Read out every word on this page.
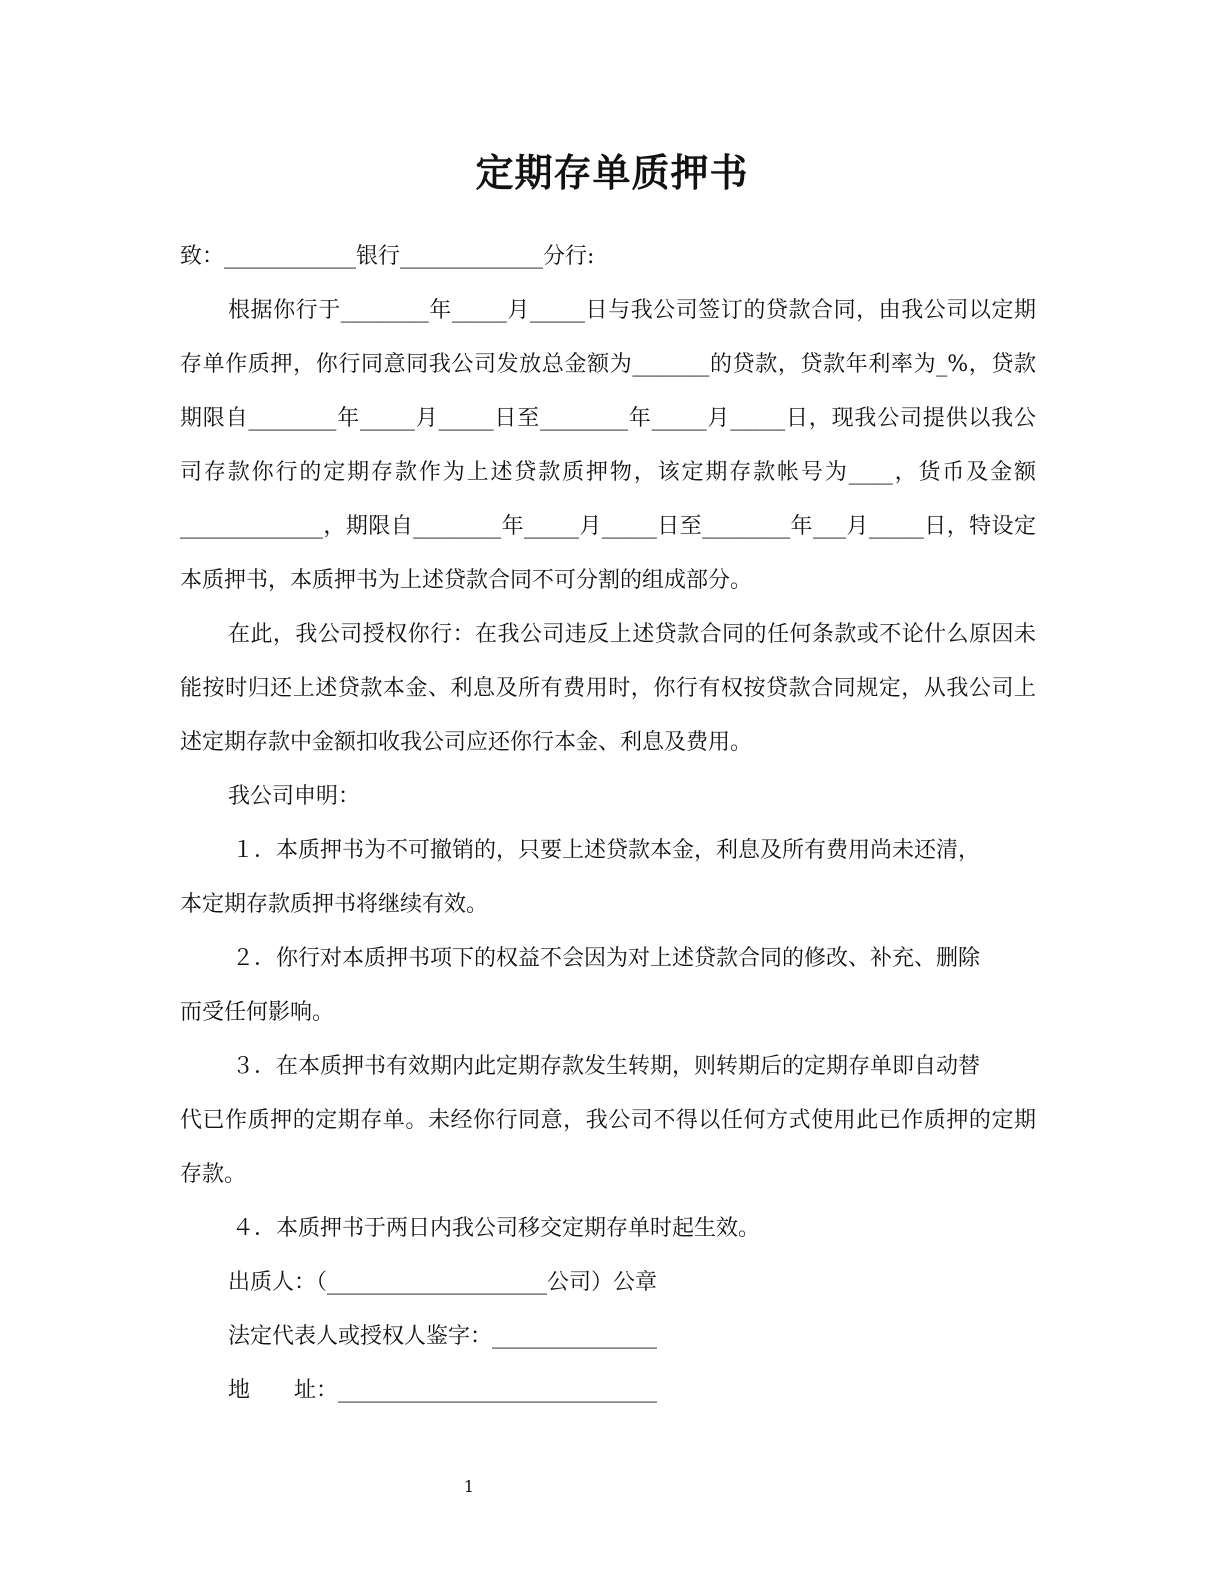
定期存单质押书

致：____________银行_____________分行:

根据你行于________年_____月_____日与我公司签订的贷款合同，由我公司以定期存单作质押，你行同意同我公司发放总金额为_______的贷款，贷款年利率为_%，贷款期限自________年_____月_____日至________年_____月_____日，现我公司提供以我公司存款你行的定期存款作为上述贷款质押物，该定期存款帐号为____，货币及金额_____________，期限自________年_____月_____日至________年___月_____日，特设定本质押书，本质押书为上述贷款合同不可分割的组成部分。

在此，我公司授权你行：在我公司违反上述贷款合同的任何条款或不论什么原因未能按时归还上述贷款本金、利息及所有费用时，你行有权按贷款合同规定，从我公司上述定期存款中金额扣收我公司应还你行本金、利息及费用。

我公司申明：

１．本质押书为不可撤销的，只要上述贷款本金，利息及所有费用尚未还清，
本定期存款质押书将继续有效。

２．你行对本质押书项下的权益不会因为对上述贷款合同的修改、补充、删除
而受任何影响。

３．在本质押书有效期内此定期存款发生转期，则转期后的定期存单即自动替
代已作质押的定期存单。未经你行同意，我公司不得以任何方式使用此已作质押的定期存款。

４．本质押书于两日内我公司移交定期存单时起生效。

出质人：（____________________公司）公章

法定代表人或授权人鉴字：_______________

地　　址：_____________________________

1
